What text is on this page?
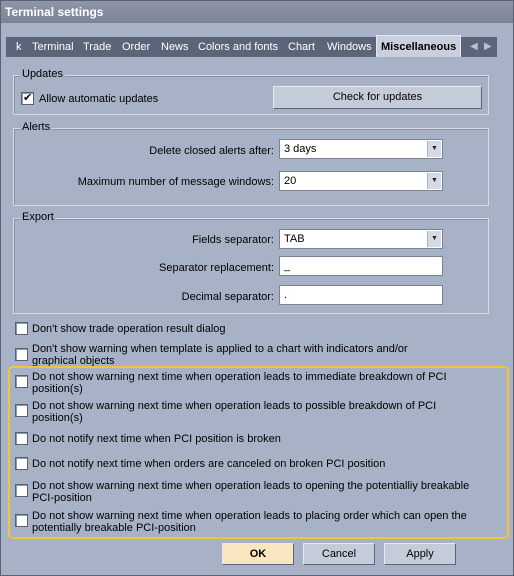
Terminal settings
k Terminal Trade Order News Colors and fonts Chart Windows Miscellaneous	◀ ▶
Updates
✔
Allow automatic updates	Check for updates
Alerts
Delete closed alerts after: 3 days	▼
Maximum number of message windows: 20	▼
Export
Fields separator: TAB	▼
Separator replacement: _
Decimal separator: .
Don't show trade operation result dialog
Don't show warning when template is applied to a chart with indicators and/or graphical objects
Do not show warning next time when operation leads to immediate breakdown of PCI position(s)
Do not show warning next time when operation leads to possible breakdown of PCI position(s)
Do not notify next time when PCI position is broken
Do not notify next time when orders are canceled on broken PCI position
Do not show warning next time when operation leads to opening the potentialliy breakable PCI-position
Do not show warning next time when operation leads to placing order which can open the potentially breakable PCI-position
OK	Cancel	Apply
